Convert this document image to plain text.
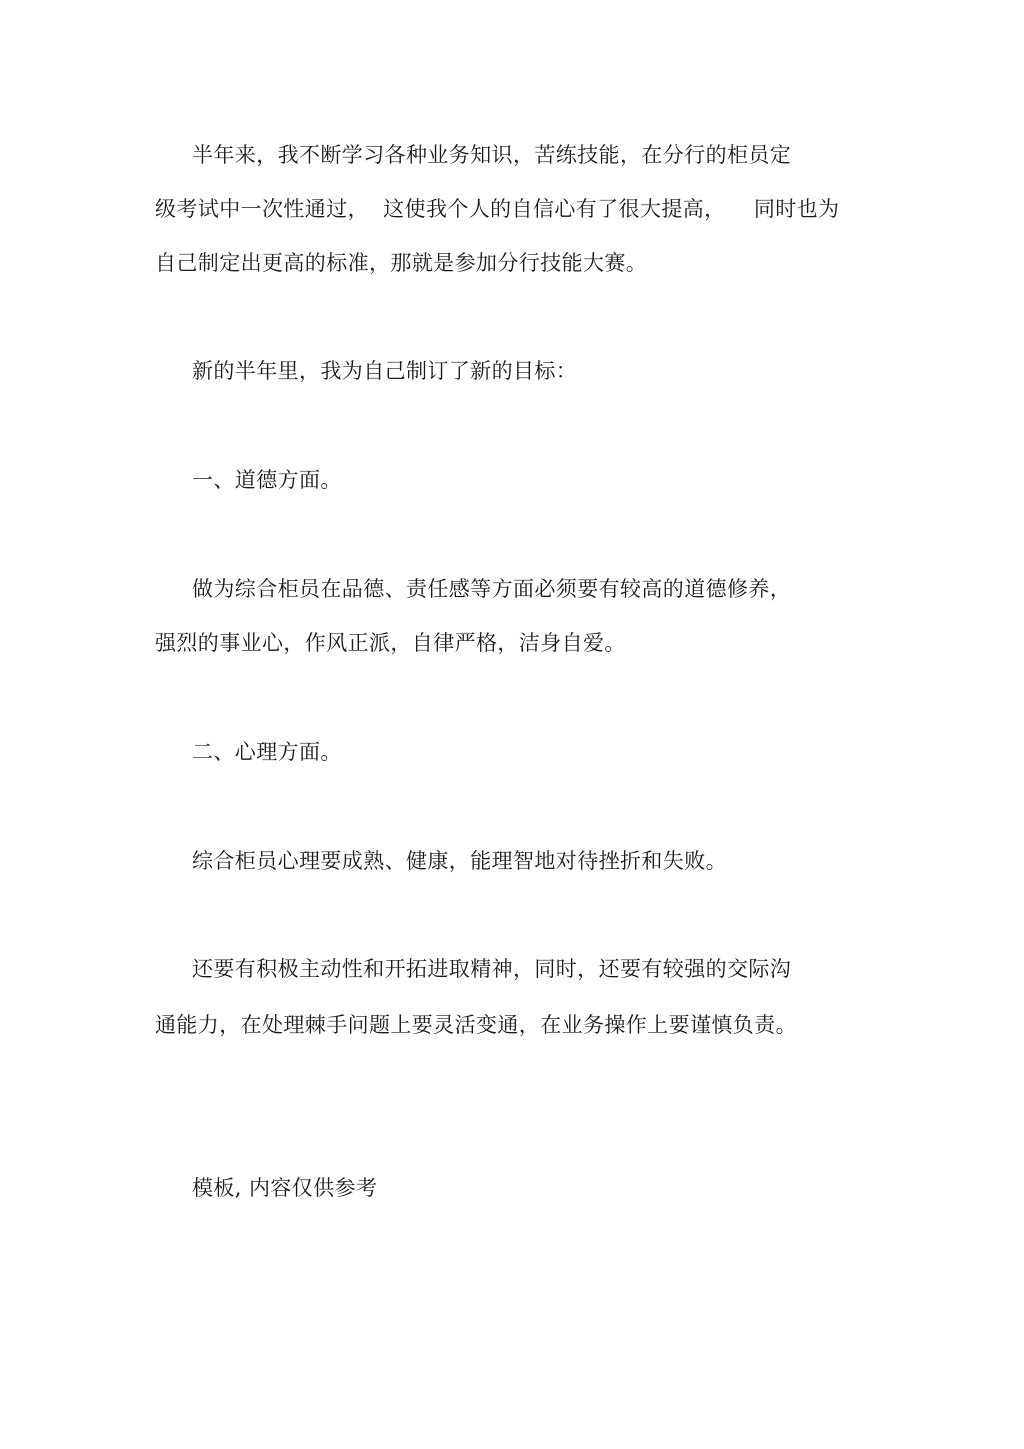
半年来，我不断学习各种业务知识，苦练技能，在分行的柜员定
级考试中一次性通过，  这使我个人的自信心有了很大提高，    同时也为
自己制定出更高的标准，那就是参加分行技能大赛。
新的半年里，我为自己制订了新的目标：
一、道德方面。
做为综合柜员在品德、责任感等方面必须要有较高的道德修养，
强烈的事业心，作风正派，自律严格，洁身自爱。
二、心理方面。
综合柜员心理要成熟、健康，能理智地对待挫折和失败。
还要有积极主动性和开拓进取精神，同时，还要有较强的交际沟
通能力，在处理棘手问题上要灵活变通，在业务操作上要谨慎负责。
模板, 内容仅供参考
